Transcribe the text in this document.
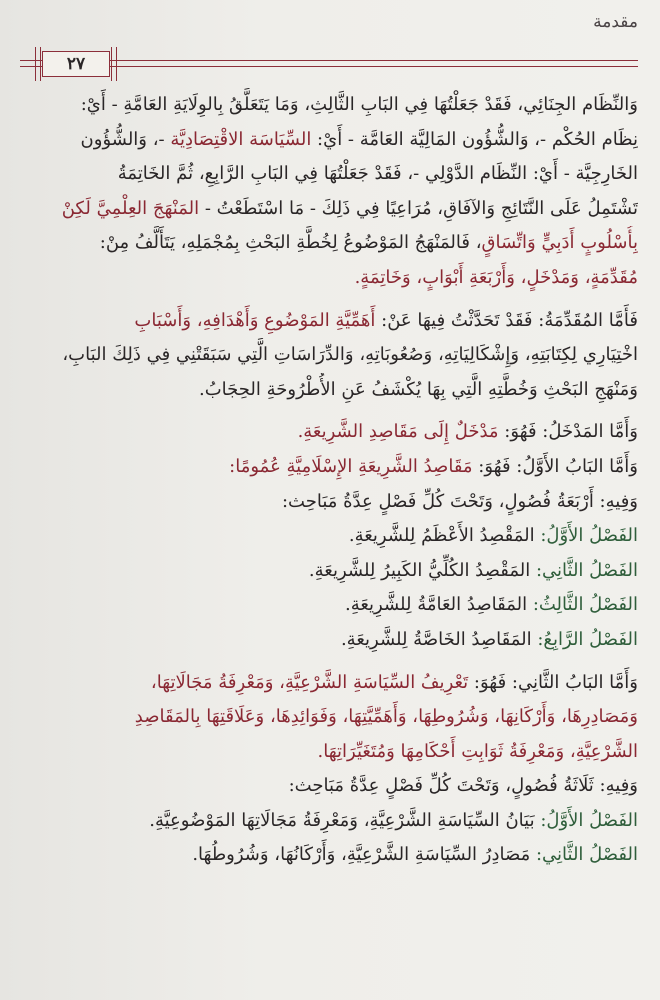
مقدمة
٢٧
وَالنِّظَام الجِنَائِي، فَقَدْ جَعَلْتُهَا فِي البَابِ الثَّالِثِ، وَمَا يَتَعَلَّقُ بِالوِلَايَةِ العَامَّةِ - أَيْ:
نِظَام الحُكْم -، وَالشُّؤُون المَالِيَّة العَامَّة - أَيْ: السِّيَاسَة الاقْتِصَادِيَّة -، وَالشُّؤُون
الخَارِجِيَّة - أَيْ: النِّظَام الدَّوْلِي -، فَقَدْ جَعَلْتُهَا فِي البَابِ الرَّابِعِ، ثُمَّ الخَاتِمَةُ
تَشْتَمِلُ عَلَى النَّتَائِجِ وَالآفَاقِ، مُرَاعِيًا فِي ذَلِكَ - مَا اسْتَطَعْتُ - المَنْهَجَ العِلْمِيَّ لَكِنْ
بِأُسْلُوبٍ أَدَبِيٍّ وَاتِّسَاقٍ، فَالمَنْهَجُ المَوْضُوعُ لِخُطَّةِ البَحْثِ بِمُجْمَلِهِ، يَتَأَلَّفُ مِنْ:
مُقَدِّمَةٍ، وَمَدْخَلٍ، وَأَرْبَعَةِ أَبْوَابٍ، وَخَاتِمَةٍ.
فَأَمَّا المُقَدِّمَةُ: فَقَدْ تَحَدَّثْتُ فِيهَا عَنْ: أَهَمِّيَّةِ المَوْضُوعِ وَأَهْدَافِهِ، وَأَسْبَابِ
اخْتِيَارِي لِكِتَابَتِهِ، وَإِشْكَالِيَاتِهِ، وَصُعُوبَاتِهِ، وَالدِّرَاسَاتِ الَّتِي سَبَقَتْنِي فِي ذَلِكَ البَابِ،
وَمَنْهَجِ البَحْثِ وَخُطَّتِهِ الَّتِي بِهَا يُكْشَفُ عَنِ الأُطْرُوحَةِ الحِجَابُ.
وَأَمَّا المَدْخَلُ: فَهُوَ: مَدْخَلٌ إِلَى مَقَاصِدِ الشَّرِيعَةِ.
وَأَمَّا البَابُ الأَوَّلُ: فَهُوَ: مَقَاصِدُ الشَّرِيعَةِ الإِسْلَامِيَّةِ عُمُومًا:
وَفِيهِ: أَرْبَعَةُ فُصُولٍ، وَتَحْتَ كُلِّ فَصْلٍ عِدَّةُ مَبَاحِث:
الفَصْلُ الأَوَّلُ: المَقْصِدُ الأَعْظَمُ لِلشَّرِيعَةِ.
الفَصْلُ الثَّانِي: المَقْصِدُ الكُلِّيُّ الكَبِيرُ لِلشَّرِيعَةِ.
الفَصْلُ الثَّالِثُ: المَقَاصِدُ العَامَّةُ لِلشَّرِيعَةِ.
الفَصْلُ الرَّابِعُ: المَقَاصِدُ الخَاصَّةُ لِلشَّرِيعَةِ.
وَأَمَّا البَابُ الثَّانِي: فَهُوَ: تَعْرِيفُ السِّيَاسَةِ الشَّرْعِيَّةِ، وَمَعْرِفَةُ مَجَالَاتِهَا،
وَمَصَادِرِهَا، وَأَرْكَانِهَا، وَشُرُوطِهَا، وَأَهَمِّيَّتِهَا، وَفَوَائِدِهَا، وَعَلَاقَتِهَا بِالمَقَاصِدِ
الشَّرْعِيَّةِ، وَمَعْرِفَةُ ثَوَابِتِ أَحْكَامِهَا وَمُتَغَيِّرَاتِهَا.
وَفِيهِ: ثَلَاثَةُ فُصُولٍ، وَتَحْتَ كُلِّ فَصْلٍ عِدَّةُ مَبَاحِث:
الفَصْلُ الأَوَّلُ: بَيَانُ السِّيَاسَةِ الشَّرْعِيَّةِ، وَمَعْرِفَةُ مَجَالَاتِهَا المَوْضُوعِيَّةِ.
الفَصْلُ الثَّانِي: مَصَادِرُ السِّيَاسَةِ الشَّرْعِيَّةِ، وَأَرْكَانُهَا، وَشُرُوطُهَا.
